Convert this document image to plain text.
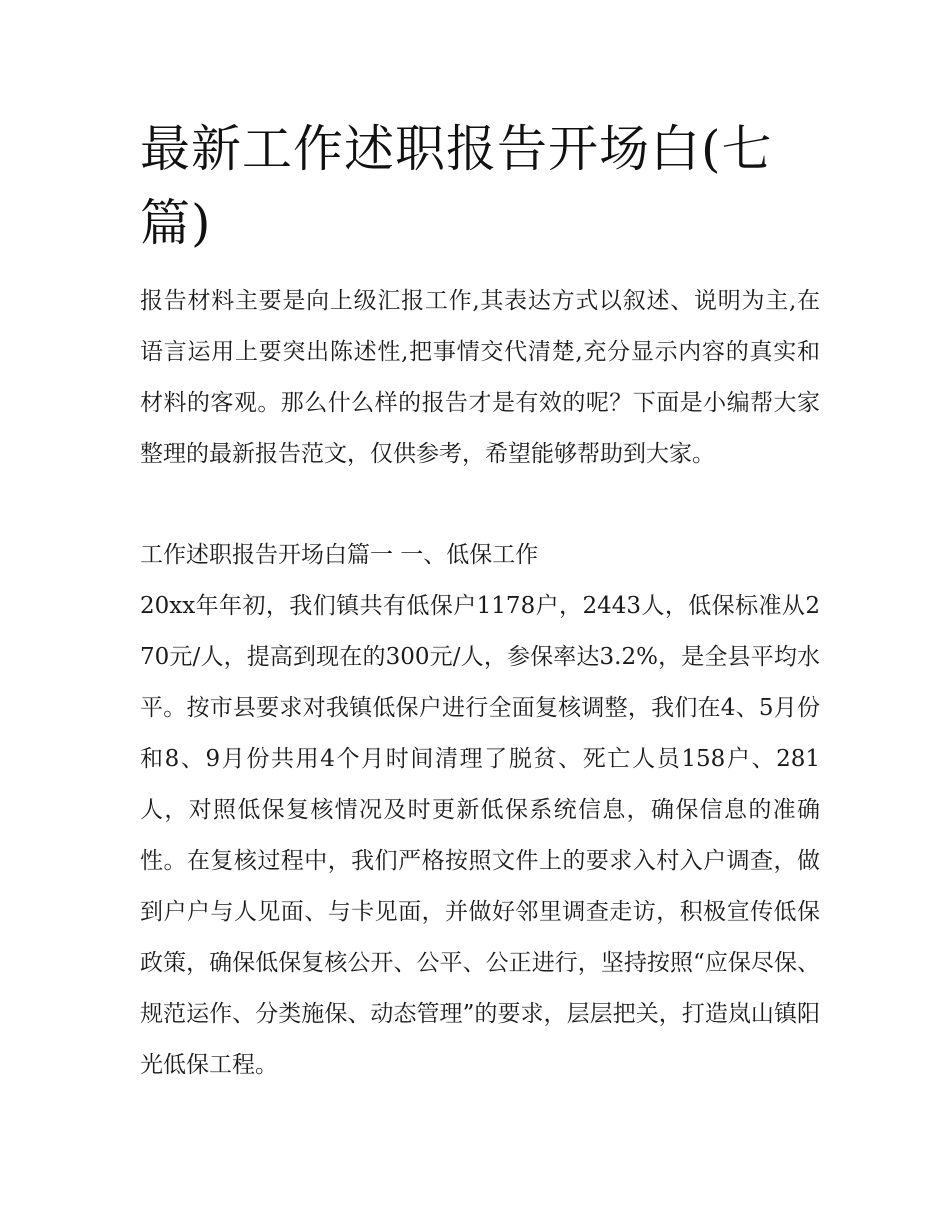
最新工作述职报告开场白(七篇)

报告材料主要是向上级汇报工作,其表达方式以叙述、说明为主,在语言运用上要突出陈述性,把事情交代清楚,充分显示内容的真实和材料的客观。那么什么样的报告才是有效的呢？下面是小编帮大家整理的最新报告范文，仅供参考，希望能够帮助到大家。

工作述职报告开场白篇一 一、低保工作

20xx年年初，我们镇共有低保户1178户，2443人，低保标准从270元/人，提高到现在的300元/人，参保率达3.2%，是全县平均水平。按市县要求对我镇低保户进行全面复核调整，我们在4、5月份和8、9月份共用4个月时间清理了脱贫、死亡人员158户、281人，对照低保复核情况及时更新低保系统信息，确保信息的准确性。在复核过程中，我们严格按照文件上的要求入村入户调查，做到户户与人见面、与卡见面，并做好邻里调查走访，积极宣传低保政策，确保低保复核公开、公平、公正进行，坚持按照“应保尽保、规范运作、分类施保、动态管理”的要求，层层把关，打造岚山镇阳光低保工程。
